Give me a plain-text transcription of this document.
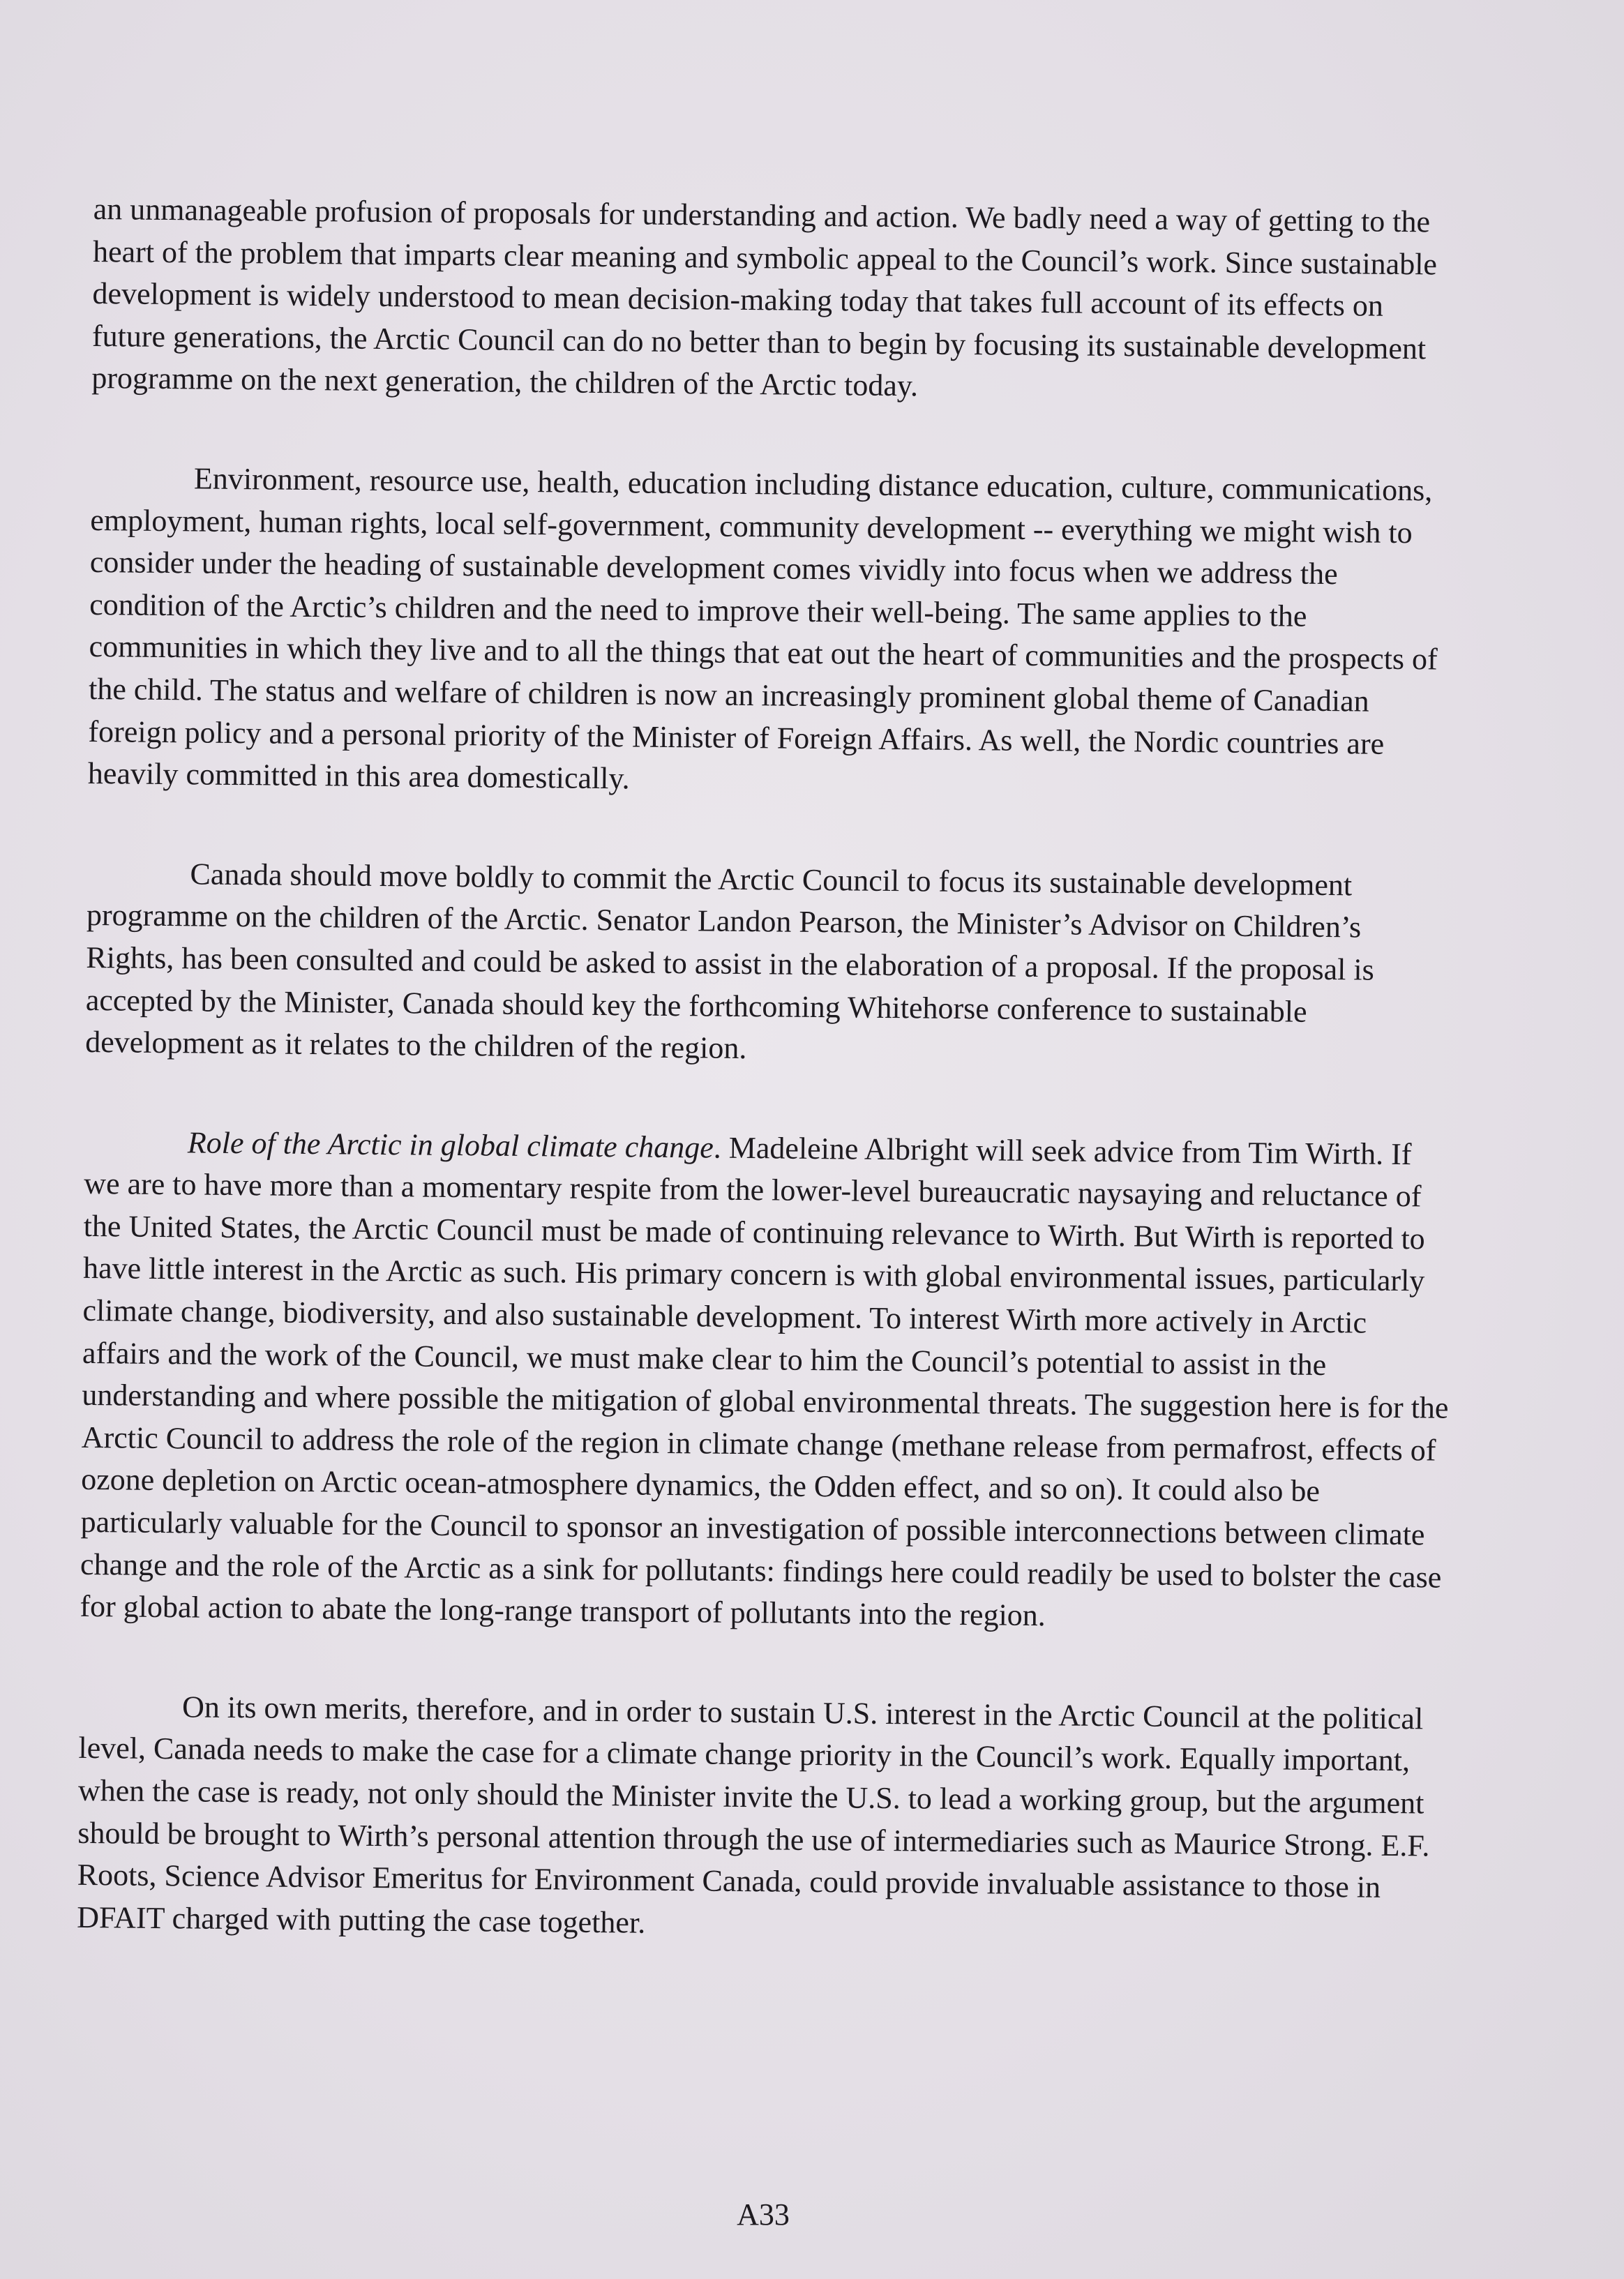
an unmanageable profusion of proposals for understanding and action. We badly need a way of getting to the heart of the problem that imparts clear meaning and symbolic appeal to the Council’s work. Since sustainable development is widely understood to mean decision-making today that takes full account of its effects on future generations, the Arctic Council can do no better than to begin by focusing its sustainable development programme on the next generation, the children of the Arctic today.

Environment, resource use, health, education including distance education, culture, communications, employment, human rights, local self-government, community development -- everything we might wish to consider under the heading of sustainable development comes vividly into focus when we address the condition of the Arctic’s children and the need to improve their well-being. The same applies to the communities in which they live and to all the things that eat out the heart of communities and the prospects of the child. The status and welfare of children is now an increasingly prominent global theme of Canadian foreign policy and a personal priority of the Minister of Foreign Affairs. As well, the Nordic countries are heavily committed in this area domestically.

Canada should move boldly to commit the Arctic Council to focus its sustainable development programme on the children of the Arctic. Senator Landon Pearson, the Minister’s Advisor on Children’s Rights, has been consulted and could be asked to assist in the elaboration of a proposal. If the proposal is accepted by the Minister, Canada should key the forthcoming Whitehorse conference to sustainable development as it relates to the children of the region.

Role of the Arctic in global climate change. Madeleine Albright will seek advice from Tim Wirth. If we are to have more than a momentary respite from the lower-level bureaucratic naysaying and reluctance of the United States, the Arctic Council must be made of continuing relevance to Wirth. But Wirth is reported to have little interest in the Arctic as such. His primary concern is with global environmental issues, particularly climate change, biodiversity, and also sustainable development. To interest Wirth more actively in Arctic affairs and the work of the Council, we must make clear to him the Council’s potential to assist in the understanding and where possible the mitigation of global environmental threats. The suggestion here is for the Arctic Council to address the role of the region in climate change (methane release from permafrost, effects of ozone depletion on Arctic ocean-atmosphere dynamics, the Odden effect, and so on). It could also be particularly valuable for the Council to sponsor an investigation of possible interconnections between climate change and the role of the Arctic as a sink for pollutants: findings here could readily be used to bolster the case for global action to abate the long-range transport of pollutants into the region.

On its own merits, therefore, and in order to sustain U.S. interest in the Arctic Council at the political level, Canada needs to make the case for a climate change priority in the Council’s work. Equally important, when the case is ready, not only should the Minister invite the U.S. to lead a working group, but the argument should be brought to Wirth’s personal attention through the use of intermediaries such as Maurice Strong. E.F. Roots, Science Advisor Emeritus for Environment Canada, could provide invaluable assistance to those in DFAIT charged with putting the case together.

A33
